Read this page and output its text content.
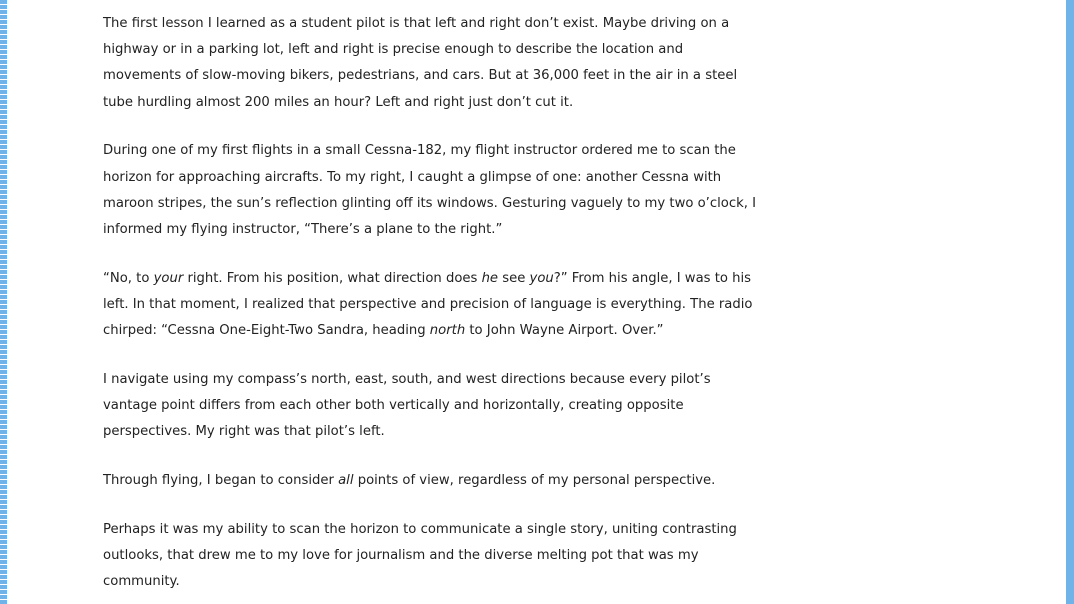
The first lesson I learned as a student pilot is that left and right don’t exist. Maybe driving on a
highway or in a parking lot, left and right is precise enough to describe the location and
movements of slow-moving bikers, pedestrians, and cars. But at 36,000 feet in the air in a steel
tube hurdling almost 200 miles an hour? Left and right just don’t cut it.

During one of my first flights in a small Cessna-182, my flight instructor ordered me to scan the
horizon for approaching aircrafts. To my right, I caught a glimpse of one: another Cessna with
maroon stripes, the sun’s reflection glinting off its windows. Gesturing vaguely to my two o’clock, I
informed my flying instructor, “There’s a plane to the right.”

“No, to your right. From his position, what direction does he see you?” From his angle, I was to his
left. In that moment, I realized that perspective and precision of language is everything. The radio
chirped: “Cessna One-Eight-Two Sandra, heading north to John Wayne Airport. Over.”

I navigate using my compass’s north, east, south, and west directions because every pilot’s
vantage point differs from each other both vertically and horizontally, creating opposite
perspectives. My right was that pilot’s left.

Through flying, I began to consider all points of view, regardless of my personal perspective.

Perhaps it was my ability to scan the horizon to communicate a single story, uniting contrasting
outlooks, that drew me to my love for journalism and the diverse melting pot that was my
community.
